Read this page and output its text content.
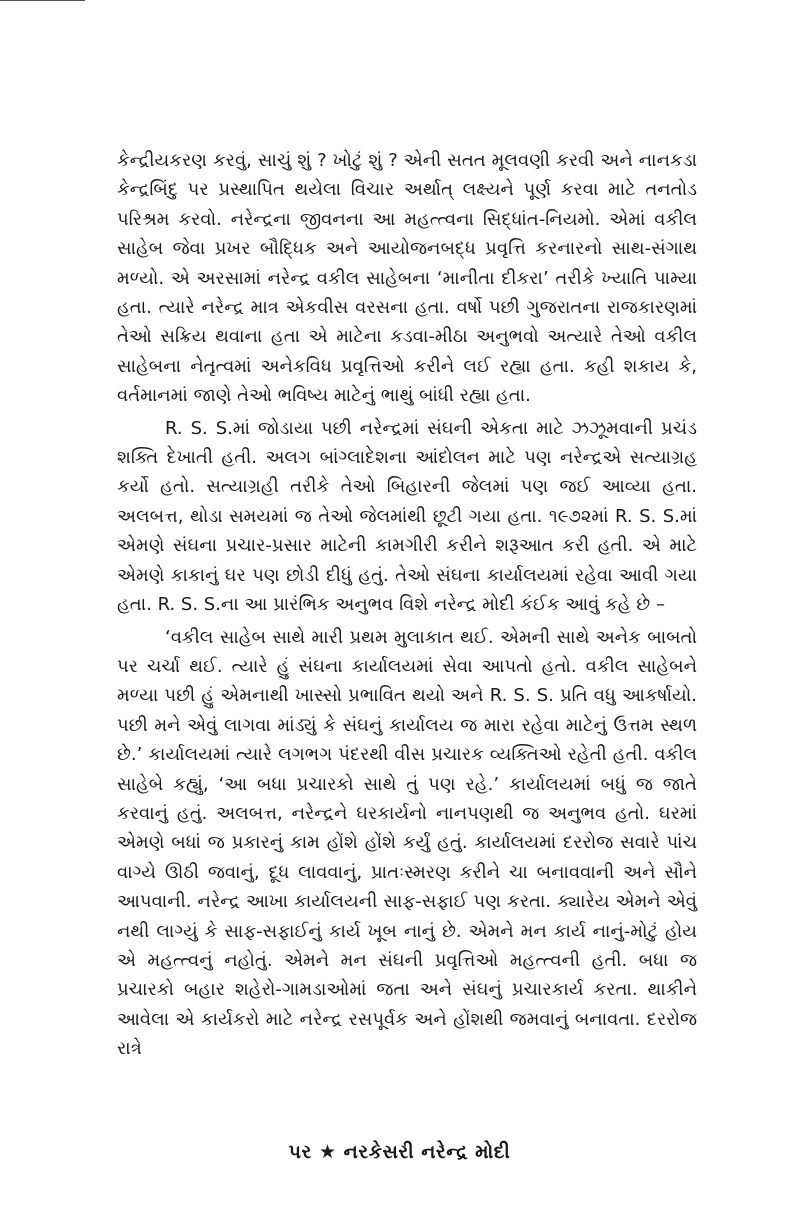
કેન્દ્રીયકરણ કરવું, સાચું શું ? ખોટું શું ? એની સતત મૂલવણી કરવી અને નાનકડા કેન્દ્રબિંદુ પર પ્રસ્થાપિત થયેલા વિચાર અર્થાત્ લક્ષ્યને પૂર્ણ કરવા માટે તનતોડ પરિશ્રમ કરવો. નરેન્દ્રના જીવનના આ મહત્ત્વના સિદ્ધાંત-નિયમો. એમાં વકીલ સાહેબ જેવા પ્રખર બૌદ્ધિક અને આયોજનબદ્ધ પ્રવૃત્તિ કરનારનો સાથ-સંગાથ મળ્યો. એ અરસામાં નરેન્દ્ર વકીલ સાહેબના ‘માનીતા દીકરા’ તરીકે ખ્યાતિ પામ્યા હતા. ત્યારે નરેન્દ્ર માત્ર એકવીસ વરસના હતા. વર્ષો પછી ગુજરાતના રાજકારણમાં તેઓ સક્રિય થવાના હતા એ માટેના કડવા-મીઠા અનુભવો અત્યારે તેઓ વકીલ સાહેબના નેતૃત્વમાં અનેકવિધ પ્રવૃત્તિઓ કરીને લઈ રહ્યા હતા. કહી શકાય કે, વર્તમાનમાં જાણે તેઓ ભવિષ્ય માટેનું ભાથું બાંધી રહ્યા હતા.

R. S. S.માં જોડાયા પછી નરેન્દ્રમાં સંઘની એકતા માટે ઝઝૂમવાની પ્રચંડ શક્તિ દેખાતી હતી. અલગ બાંગ્લાદેશના આંદોલન માટે પણ નરેન્દ્રએ સત્યાગ્રહ કર્યો હતો. સત્યાગ્રહી તરીકે તેઓ બિહારની જેલમાં પણ જઈ આવ્યા હતા. અલબત્ત, થોડા સમયમાં જ તેઓ જેલમાંથી છૂટી ગયા હતા. ૧૯૭૨માં R. S. S.માં એમણે સંઘના પ્રચાર-પ્રસાર માટેની કામગીરી કરીને શરૂઆત કરી હતી. એ માટે એમણે કાકાનું ઘર પણ છોડી દીધું હતું. તેઓ સંઘના કાર્યાલયમાં રહેવા આવી ગયા હતા. R. S. S.ના આ પ્રારંભિક અનુભવ વિશે નરેન્દ્ર મોદી કંઈક આવું કહે છે –

‘વકીલ સાહેબ સાથે મારી પ્રથમ મુલાકાત થઈ. એમની સાથે અનેક બાબતો પર ચર્ચા થઈ. ત્યારે હું સંઘના કાર્યાલયમાં સેવા આપતો હતો. વકીલ સાહેબને મળ્યા પછી હું એમનાથી ખાસ્સો પ્રભાવિત થયો અને R. S. S. પ્રતિ વધુ આકર્ષાયો. પછી મને એવું લાગવા માંડ્યું કે સંઘનું કાર્યાલય જ મારા રહેવા માટેનું ઉત્તમ સ્થળ છે.’ કાર્યાલયમાં ત્યારે લગભગ પંદરથી વીસ પ્રચારક વ્યક્તિઓ રહેતી હતી. વકીલ સાહેબે કહ્યું, ‘આ બધા પ્રચારકો સાથે તું પણ રહે.’ કાર્યાલયમાં બધું જ જાતે કરવાનું હતું. અલબત્ત, નરેન્દ્રને ઘરકાર્યનો નાનપણથી જ અનુભવ હતો. ઘરમાં એમણે બધાં જ પ્રકારનું કામ હોંશે હોંશે કર્યું હતું. કાર્યાલયમાં દરરોજ સવારે પાંચ વાગ્યે ઊઠી જવાનું, દૂધ લાવવાનું, પ્રાતઃસ્મરણ કરીને ચા બનાવવાની અને સૌને આપવાની. નરેન્દ્ર આખા કાર્યાલયની સાફ-સફાઈ પણ કરતા. ક્યારેય એમને એવું નથી લાગ્યું કે સાફ-સફાઈનું કાર્ય ખૂબ નાનું છે. એમને મન કાર્ય નાનું-મોટું હોય એ મહત્ત્વનું નહોતું. એમને મન સંઘની પ્રવૃત્તિઓ મહત્ત્વની હતી. બધા જ પ્રચારકો બહાર શહેરો-ગામડાઓમાં જતા અને સંઘનું પ્રચારકાર્ય કરતા. થાકીને આવેલા એ કાર્યકરો માટે નરેન્દ્ર રસપૂર્વક અને હોંશથી જમવાનું બનાવતા. દરરોજ રાત્રે

પર ★ નરકેસરી નરેન્દ્ર મોદી
